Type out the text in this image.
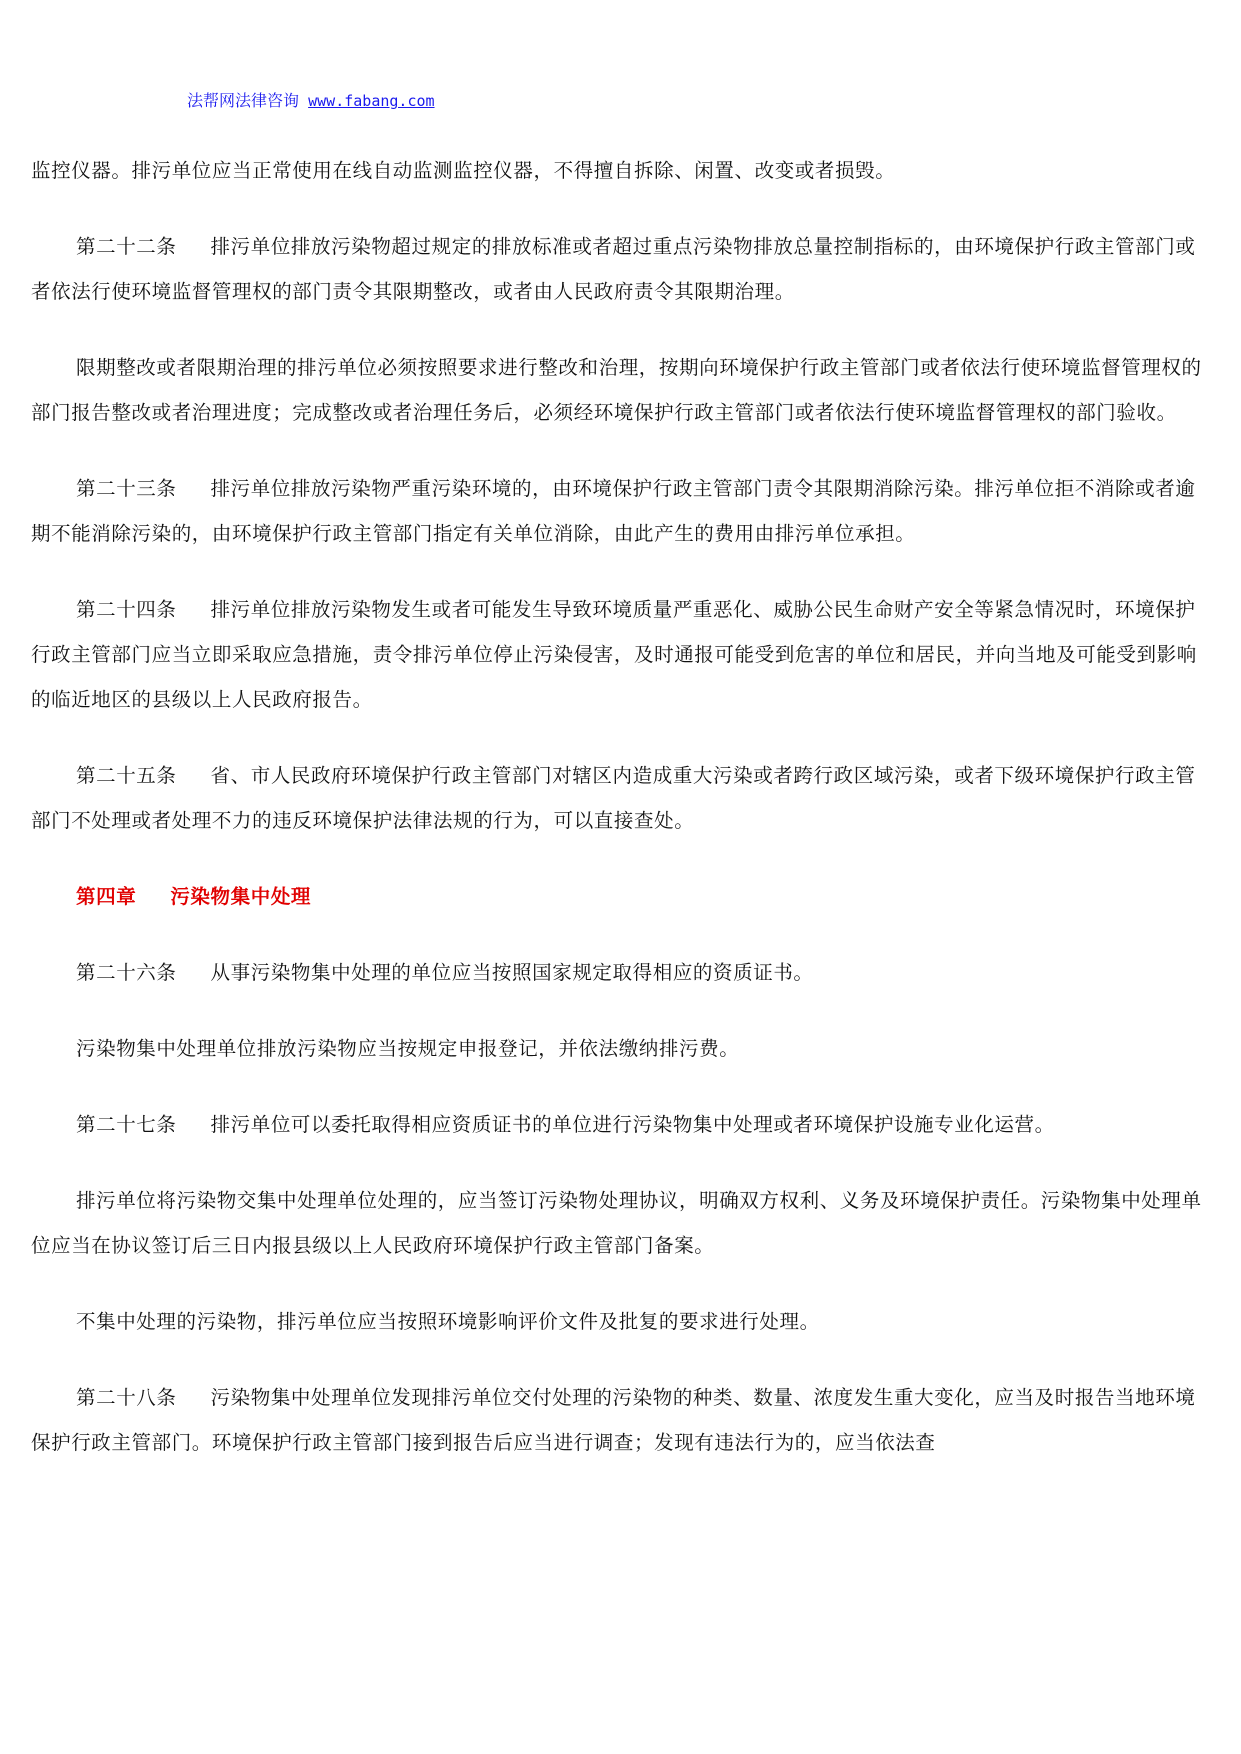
法帮网法律咨询 www.fabang.com

监控仪器。排污单位应当正常使用在线自动监测监控仪器，不得擅自拆除、闲置、改变或者损毁。

第二十二条 排污单位排放污染物超过规定的排放标准或者超过重点污染物排放总量控制指标的，由环境保护行政主管部门或者依法行使环境监督管理权的部门责令其限期整改，或者由人民政府责令其限期治理。

限期整改或者限期治理的排污单位必须按照要求进行整改和治理，按期向环境保护行政主管部门或者依法行使环境监督管理权的部门报告整改或者治理进度；完成整改或者治理任务后，必须经环境保护行政主管部门或者依法行使环境监督管理权的部门验收。

第二十三条 排污单位排放污染物严重污染环境的，由环境保护行政主管部门责令其限期消除污染。排污单位拒不消除或者逾期不能消除污染的，由环境保护行政主管部门指定有关单位消除，由此产生的费用由排污单位承担。

第二十四条 排污单位排放污染物发生或者可能发生导致环境质量严重恶化、威胁公民生命财产安全等紧急情况时，环境保护行政主管部门应当立即采取应急措施，责令排污单位停止污染侵害，及时通报可能受到危害的单位和居民，并向当地及可能受到影响的临近地区的县级以上人民政府报告。

第二十五条 省、市人民政府环境保护行政主管部门对辖区内造成重大污染或者跨行政区域污染，或者下级环境保护行政主管部门不处理或者处理不力的违反环境保护法律法规的行为，可以直接查处。

第四章 污染物集中处理

第二十六条 从事污染物集中处理的单位应当按照国家规定取得相应的资质证书。

污染物集中处理单位排放污染物应当按规定申报登记，并依法缴纳排污费。

第二十七条 排污单位可以委托取得相应资质证书的单位进行污染物集中处理或者环境保护设施专业化运营。

排污单位将污染物交集中处理单位处理的，应当签订污染物处理协议，明确双方权利、义务及环境保护责任。污染物集中处理单位应当在协议签订后三日内报县级以上人民政府环境保护行政主管部门备案。

不集中处理的污染物，排污单位应当按照环境影响评价文件及批复的要求进行处理。

第二十八条 污染物集中处理单位发现排污单位交付处理的污染物的种类、数量、浓度发生重大变化，应当及时报告当地环境保护行政主管部门。环境保护行政主管部门接到报告后应当进行调查；发现有违法行为的，应当依法查
